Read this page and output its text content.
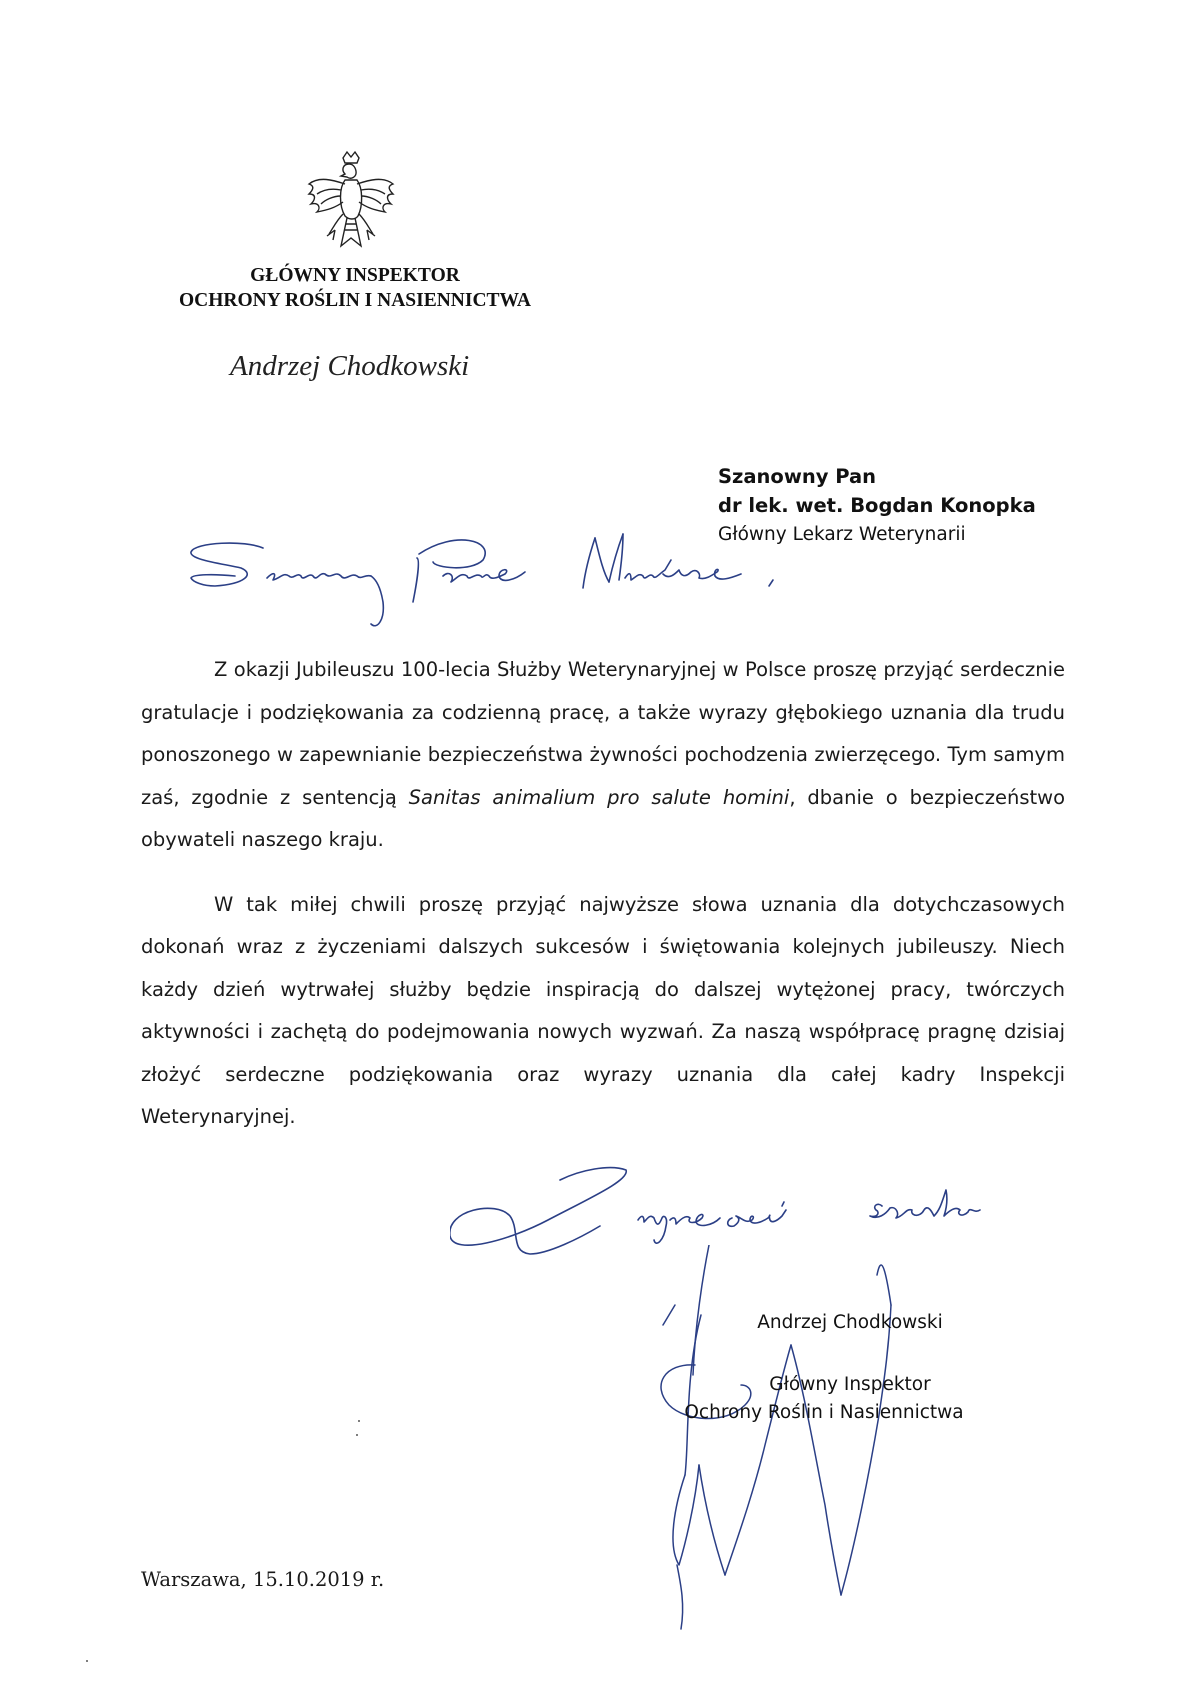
GŁÓWNY INSPEKTOR
OCHRONY ROŚLIN I NASIENNICTWA
Andrzej Chodkowski
Szanowny Pan
dr lek. wet. Bogdan Konopka
Główny Lekarz Weterynarii

Z okazji Jubileuszu 100-lecia Służby Weterynaryjnej w Polsce proszę przyjąć serdecznie gratulacje i podziękowania za codzienną pracę, a także wyrazy głębokiego uznania dla trudu ponoszonego w zapewnianie bezpieczeństwa żywności pochodzenia zwierzęcego. Tym samym zaś, zgodnie z sentencją Sanitas animalium pro salute homini, dbanie o bezpieczeństwo obywateli naszego kraju.

W tak miłej chwili proszę przyjąć najwyższe słowa uznania dla dotychczasowych dokonań wraz z życzeniami dalszych sukcesów i świętowania kolejnych jubileuszy. Niech każdy dzień wytrwałej służby będzie inspiracją do dalszej wytężonej pracy, twórczych aktywności i zachętą do podejmowania nowych wyzwań. Za naszą współpracę pragnę dzisiaj złożyć serdeczne podziękowania oraz wyrazy uznania dla całej kadry Inspekcji Weterynaryjnej.

Andrzej Chodkowski
Główny Inspektor
Ochrony Roślin i Nasiennictwa
Warszawa, 15.10.2019 r.
